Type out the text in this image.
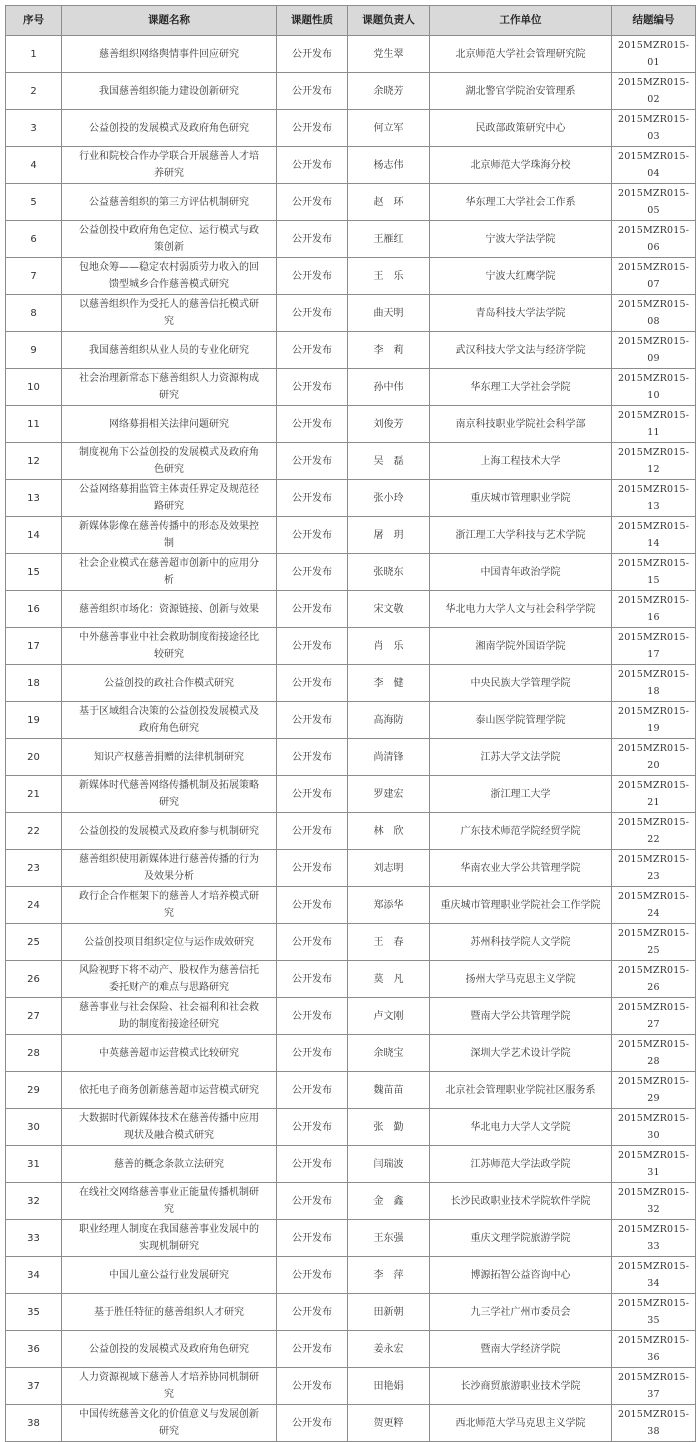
序号	课题名称	课题性质	课题负责人	工作单位	结题编号
1	慈善组织网络舆情事件回应研究	公开发布	党生翠	北京师范大学社会管理研究院	2015MZR015-01
2	我国慈善组织能力建设创新研究	公开发布	余晓芳	湖北警官学院治安管理系	2015MZR015-02
3	公益创投的发展模式及政府角色研究	公开发布	何立军	民政部政策研究中心	2015MZR015-03
4	行业和院校合作办学联合开展慈善人才培养研究	公开发布	杨志伟	北京师范大学珠海分校	2015MZR015-04
5	公益慈善组织的第三方评估机制研究	公开发布	赵　环	华东理工大学社会工作系	2015MZR015-05
6	公益创投中政府角色定位、运行模式与政策创新	公开发布	王雁红	宁波大学法学院	2015MZR015-06
7	包地众筹——稳定农村弱质劳力收入的回馈型城乡合作慈善模式研究	公开发布	王　乐	宁波大红鹰学院	2015MZR015-07
8	以慈善组织作为受托人的慈善信托模式研究	公开发布	曲天明	青岛科技大学法学院	2015MZR015-08
9	我国慈善组织从业人员的专业化研究	公开发布	李　莉	武汉科技大学文法与经济学院	2015MZR015-09
10	社会治理新常态下慈善组织人力资源构成研究	公开发布	孙中伟	华东理工大学社会学院	2015MZR015-10
11	网络募捐相关法律问题研究	公开发布	刘俊芳	南京科技职业学院社会科学部	2015MZR015-11
12	制度视角下公益创投的发展模式及政府角色研究	公开发布	吴　磊	上海工程技术大学	2015MZR015-12
13	公益网络募捐监管主体责任界定及规范径路研究	公开发布	张小玲	重庆城市管理职业学院	2015MZR015-13
14	新媒体影像在慈善传播中的形态及效果控制	公开发布	屠　玥	浙江理工大学科技与艺术学院	2015MZR015-14
15	社会企业模式在慈善超市创新中的应用分析	公开发布	张晓东	中国青年政治学院	2015MZR015-15
16	慈善组织市场化：资源链接、创新与效果	公开发布	宋文敬	华北电力大学人文与社会科学学院	2015MZR015-16
17	中外慈善事业中社会救助制度衔接途径比较研究	公开发布	肖　乐	湘南学院外国语学院	2015MZR015-17
18	公益创投的政社合作模式研究	公开发布	李　健	中央民族大学管理学院	2015MZR015-18
19	基于区域组合决策的公益创投发展模式及政府角色研究	公开发布	高海防	泰山医学院管理学院	2015MZR015-19
20	知识产权慈善捐赠的法律机制研究	公开发布	尚清锋	江苏大学文法学院	2015MZR015-20
21	新媒体时代慈善网络传播机制及拓展策略研究	公开发布	罗建宏	浙江理工大学	2015MZR015-21
22	公益创投的发展模式及政府参与机制研究	公开发布	林　欣	广东技术师范学院经贸学院	2015MZR015-22
23	慈善组织使用新媒体进行慈善传播的行为及效果分析	公开发布	刘志明	华南农业大学公共管理学院	2015MZR015-23
24	政行企合作框架下的慈善人才培养模式研究	公开发布	郑添华	重庆城市管理职业学院社会工作学院	2015MZR015-24
25	公益创投项目组织定位与运作成效研究	公开发布	王　春	苏州科技学院人文学院	2015MZR015-25
26	风险视野下将不动产、股权作为慈善信托委托财产的难点与思路研究	公开发布	莫　凡	扬州大学马克思主义学院	2015MZR015-26
27	慈善事业与社会保险、社会福利和社会救助的制度衔接途径研究	公开发布	卢文刚	暨南大学公共管理学院	2015MZR015-27
28	中英慈善超市运营模式比较研究	公开发布	余晓宝	深圳大学艺术设计学院	2015MZR015-28
29	依托电子商务创新慈善超市运营模式研究	公开发布	魏苗苗	北京社会管理职业学院社区服务系	2015MZR015-29
30	大数据时代新媒体技术在慈善传播中应用现状及融合模式研究	公开发布	张　勤	华北电力大学人文学院	2015MZR015-30
31	慈善的概念条款立法研究	公开发布	闫瑞波	江苏师范大学法政学院	2015MZR015-31
32	在线社交网络慈善事业正能量传播机制研究	公开发布	金　鑫	长沙民政职业技术学院软件学院	2015MZR015-32
33	职业经理人制度在我国慈善事业发展中的实现机制研究	公开发布	王东强	重庆文理学院旅游学院	2015MZR015-33
34	中国儿童公益行业发展研究	公开发布	李　萍	博源拓智公益咨询中心	2015MZR015-34
35	基于胜任特征的慈善组织人才研究	公开发布	田新朝	九三学社广州市委员会	2015MZR015-35
36	公益创投的发展模式及政府角色研究	公开发布	姜永宏	暨南大学经济学院	2015MZR015-36
37	人力资源视域下慈善人才培养协同机制研究	公开发布	田艳娟	长沙商贸旅游职业技术学院	2015MZR015-37
38	中国传统慈善文化的价值意义与发展创新研究	公开发布	贺更粹	西北师范大学马克思主义学院	2015MZR015-38
